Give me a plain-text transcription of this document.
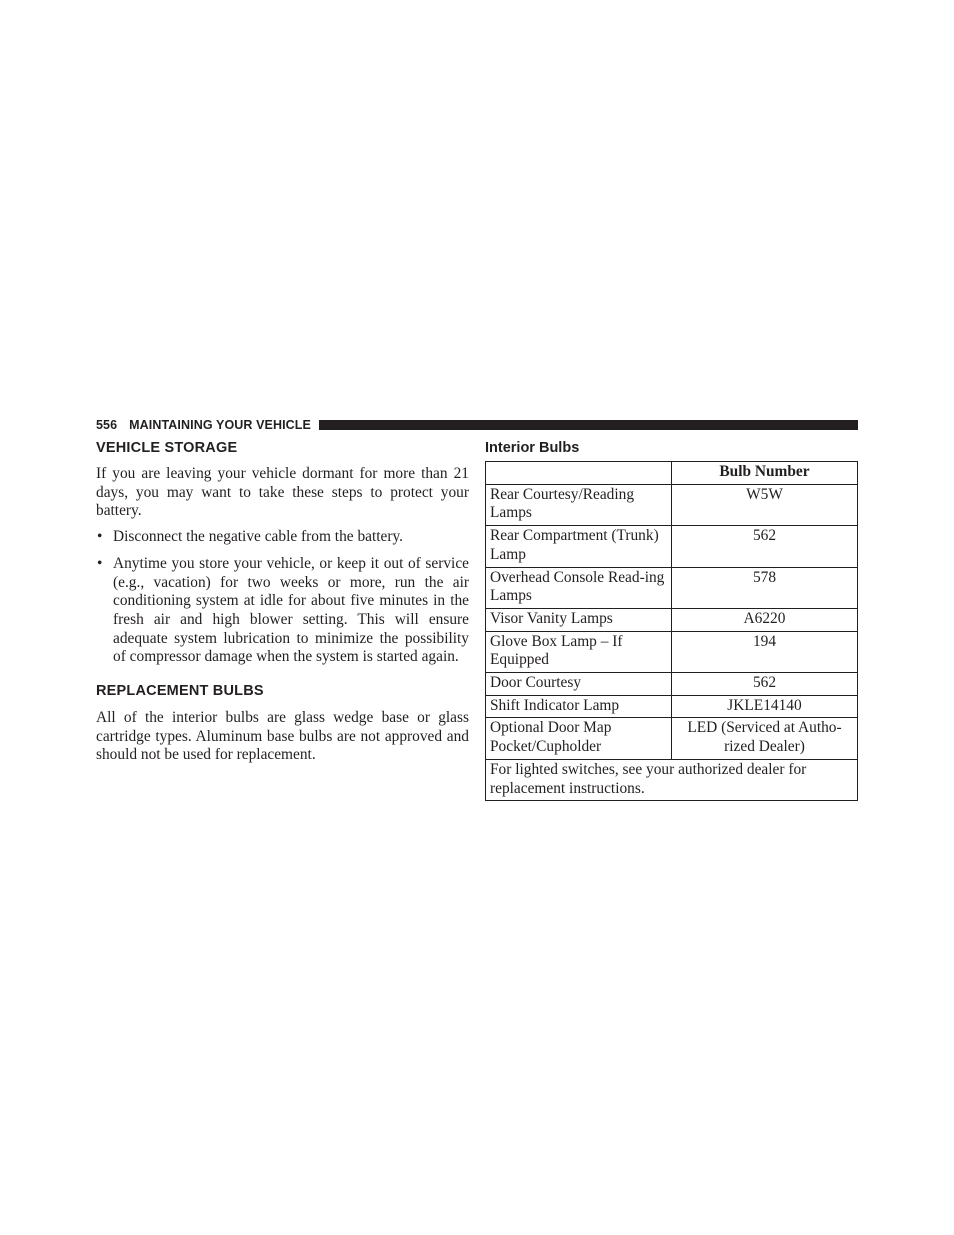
556 MAINTAINING YOUR VEHICLE
VEHICLE STORAGE

If you are leaving your vehicle dormant for more than 21 days, you may want to take these steps to protect your battery.

• Disconnect the negative cable from the battery.
• Anytime you store your vehicle, or keep it out of service (e.g., vacation) for two weeks or more, run the air conditioning system at idle for about five minutes in the fresh air and high blower setting. This will ensure adequate system lubrication to minimize the possibility of compressor damage when the system is started again.
REPLACEMENT BULBS

All of the interior bulbs are glass wedge base or glass cartridge types. Aluminum base bulbs are not approved and should not be used for replacement.

Interior Bulbs
	Bulb Number
Rear Courtesy/Reading Lamps	W5W
Rear Compartment (Trunk) Lamp	562
Overhead Console Read-ing Lamps	578
Visor Vanity Lamps	A6220
Glove Box Lamp – If Equipped	194
Door Courtesy	562
Shift Indicator Lamp	JKLE14140
Optional Door Map Pocket/Cupholder	LED (Serviced at Autho-rized Dealer)
For lighted switches, see your authorized dealer for replacement instructions.	
